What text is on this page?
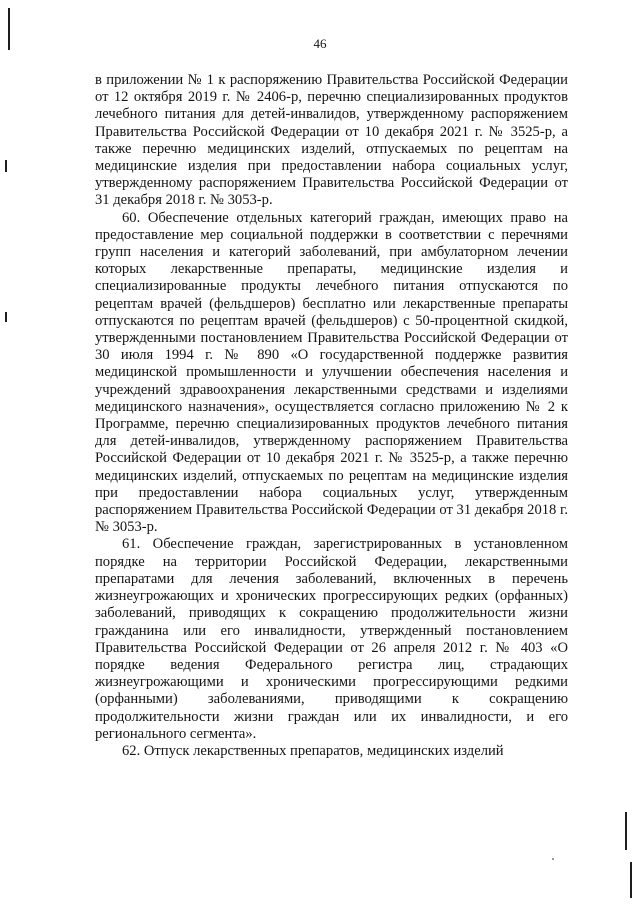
46

в приложении № 1 к распоряжению Правительства Российской Федерации от 12 октября 2019 г. № 2406-р, перечню специализированных продуктов лечебного питания для детей-инвалидов, утвержденному распоряжением Правительства Российской Федерации от 10 декабря 2021 г. № 3525-р, а также перечню медицинских изделий, отпускаемых по рецептам на медицинские изделия при предоставлении набора социальных услуг, утвержденному распоряжением Правительства Российской Федерации от 31 декабря 2018 г. № 3053-р.

60. Обеспечение отдельных категорий граждан, имеющих право на предоставление мер социальной поддержки в соответствии с перечнями групп населения и категорий заболеваний, при амбулаторном лечении которых лекарственные препараты, медицинские изделия и специализированные продукты лечебного питания отпускаются по рецептам врачей (фельдшеров) бесплатно или лекарственные препараты отпускаются по рецептам врачей (фельдшеров) с 50-процентной скидкой, утвержденными постановлением Правительства Российской Федерации от 30 июля 1994 г. № 890 «О государственной поддержке развития медицинской промышленности и улучшении обеспечения населения и учреждений здравоохранения лекарственными средствами и изделиями медицинского назначения», осуществляется согласно приложению № 2 к Программе, перечню специализированных продуктов лечебного питания для детей-инвалидов, утвержденному распоряжением Правительства Российской Федерации от 10 декабря 2021 г. № 3525-р, а также перечню медицинских изделий, отпускаемых по рецептам на медицинские изделия при предоставлении набора социальных услуг, утвержденным распоряжением Правительства Российской Федерации от 31 декабря 2018 г. № 3053-р.

61. Обеспечение граждан, зарегистрированных в установленном порядке на территории Российской Федерации, лекарственными препаратами для лечения заболеваний, включенных в перечень жизнеугрожающих и хронических прогрессирующих редких (орфанных) заболеваний, приводящих к сокращению продолжительности жизни гражданина или его инвалидности, утвержденный постановлением Правительства Российской Федерации от 26 апреля 2012 г. № 403 «О порядке ведения Федерального регистра лиц, страдающих жизнеугрожающими и хроническими прогрессирующими редкими (орфанными) заболеваниями, приводящими к сокращению продолжительности жизни граждан или их инвалидности, и его регионального сегмента».

62. Отпуск лекарственных препаратов, медицинских изделий
